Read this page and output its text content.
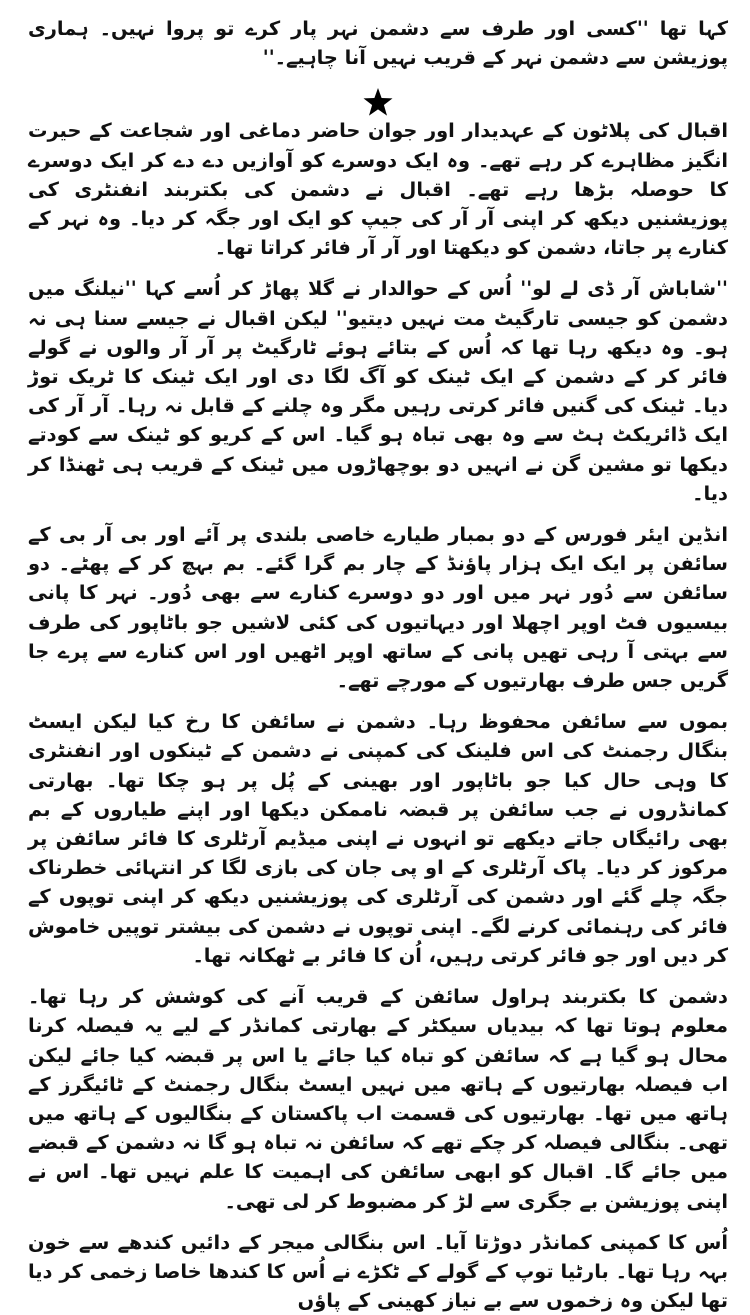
کہا تھا ''کسی اور طرف سے دشمن نہر پار کرے تو پروا نہیں۔ ہماری پوزیشن سے دشمن نہر کے قریب نہیں آنا چاہیے۔''

اقبال کی پلاٹون کے عہدیدار اور جوان حاضر دماغی اور شجاعت کے حیرت انگیز مظاہرے کر رہے تھے۔ وہ ایک دوسرے کو آوازیں دے دے کر ایک دوسرے کا حوصلہ بڑھا رہے تھے۔ اقبال نے دشمن کی بکتربند انفنٹری کی پوزیشنیں دیکھ کر اپنی آر آر کی جیپ کو ایک اور جگہ کر دیا۔ وہ نہر کے کنارے پر جاتا، دشمن کو دیکھتا اور آر آر فائر کراتا تھا۔

''شاباش آر ڈی لے لو'' اُس کے حوالدار نے گلا پھاڑ کر اُسے کہا ''نیلنگ میں دشمن کو جیسی تارگیٹ مت نہیں دیتیو'' لیکن اقبال نے جیسے سنا ہی نہ ہو۔ وہ دیکھ رہا تھا کہ اُس کے بتائے ہوئے ٹارگیٹ پر آر آر والوں نے گولے فائر کر کے دشمن کے ایک ٹینک کو آگ لگا دی اور ایک ٹینک کا ٹریک توڑ دیا۔ ٹینک کی گنیں فائر کرتی رہیں مگر وہ چلنے کے قابل نہ رہا۔ آر آر کی ایک ڈائریکٹ ہٹ سے وہ بھی تباہ ہو گیا۔ اس کے کریو کو ٹینک سے کودتے دیکھا تو مشین گن نے انہیں دو بوچھاڑوں میں ٹینک کے قریب ہی ٹھنڈا کر دیا۔

انڈین ایئر فورس کے دو بمبار طیارے خاصی بلندی پر آئے اور بی آر بی کے سائفن پر ایک ایک ہزار پاؤنڈ کے چار بم گرا گئے۔ بم بہچ کر کے پھٹے۔ دو سائفن سے دُور نہر میں اور دو دوسرے کنارے سے بھی دُور۔ نہر کا پانی بیسیوں فٹ اوپر اچھلا اور دیہاتیوں کی کئی لاشیں جو باٹاپور کی طرف سے بہتی آ رہی تھیں پانی کے ساتھ اوپر اٹھیں اور اس کنارے سے پرے جا گریں جس طرف بھارتیوں کے مورچے تھے۔

بموں سے سائفن محفوظ رہا۔ دشمن نے سائفن کا رخ کیا لیکن ایسٹ بنگال رجمنٹ کی اس فلینک کی کمپنی نے دشمن کے ٹینکوں اور انفنٹری کا وہی حال کیا جو باٹاپور اور بھینی کے پُل پر ہو چکا تھا۔ بھارتی کمانڈروں نے جب سائفن پر قبضہ ناممکن دیکھا اور اپنے طیاروں کے بم بھی رائیگاں جاتے دیکھے تو انہوں نے اپنی میڈیم آرٹلری کا فائر سائفن پر مرکوز کر دیا۔ پاک آرٹلری کے او پی جان کی بازی لگا کر انتہائی خطرناک جگہ چلے گئے اور دشمن کی آرٹلری کی پوزیشنیں دیکھ کر اپنی توپوں کے فائر کی رہنمائی کرنے لگے۔ اپنی توپوں نے دشمن کی بیشتر توپیں خاموش کر دیں اور جو فائر کرتی رہیں، اُن کا فائر بے ٹھکانہ تھا۔

دشمن کا بکتربند ہراول سائفن کے قریب آنے کی کوشش کر رہا تھا۔ معلوم ہوتا تھا کہ بیدیاں سیکٹر کے بھارتی کمانڈر کے لیے یہ فیصلہ کرنا محال ہو گیا ہے کہ سائفن کو تباہ کیا جائے یا اس پر قبضہ کیا جائے لیکن اب فیصلہ بھارتیوں کے ہاتھ میں نہیں ایسٹ بنگال رجمنٹ کے ٹائیگرز کے ہاتھ میں تھا۔ بھارتیوں کی قسمت اب پاکستان کے بنگالیوں کے ہاتھ میں تھی۔ بنگالی فیصلہ کر چکے تھے کہ سائفن نہ تباہ ہو گا نہ دشمن کے قبضے میں جائے گا۔ اقبال کو ابھی سائفن کی اہمیت کا علم نہیں تھا۔ اس نے اپنی پوزیشن بے جگری سے لڑ کر مضبوط کر لی تھی۔

اُس کا کمپنی کمانڈر دوڑتا آیا۔ اس بنگالی میجر کے دائیں کندھے سے خون بہہ رہا تھا۔ بارٹیا توپ کے گولے کے ٹکڑے نے اُس کا کندھا خاصا زخمی کر دیا تھا لیکن وہ زخموں سے بے نیاز کھینی کے پاؤں
